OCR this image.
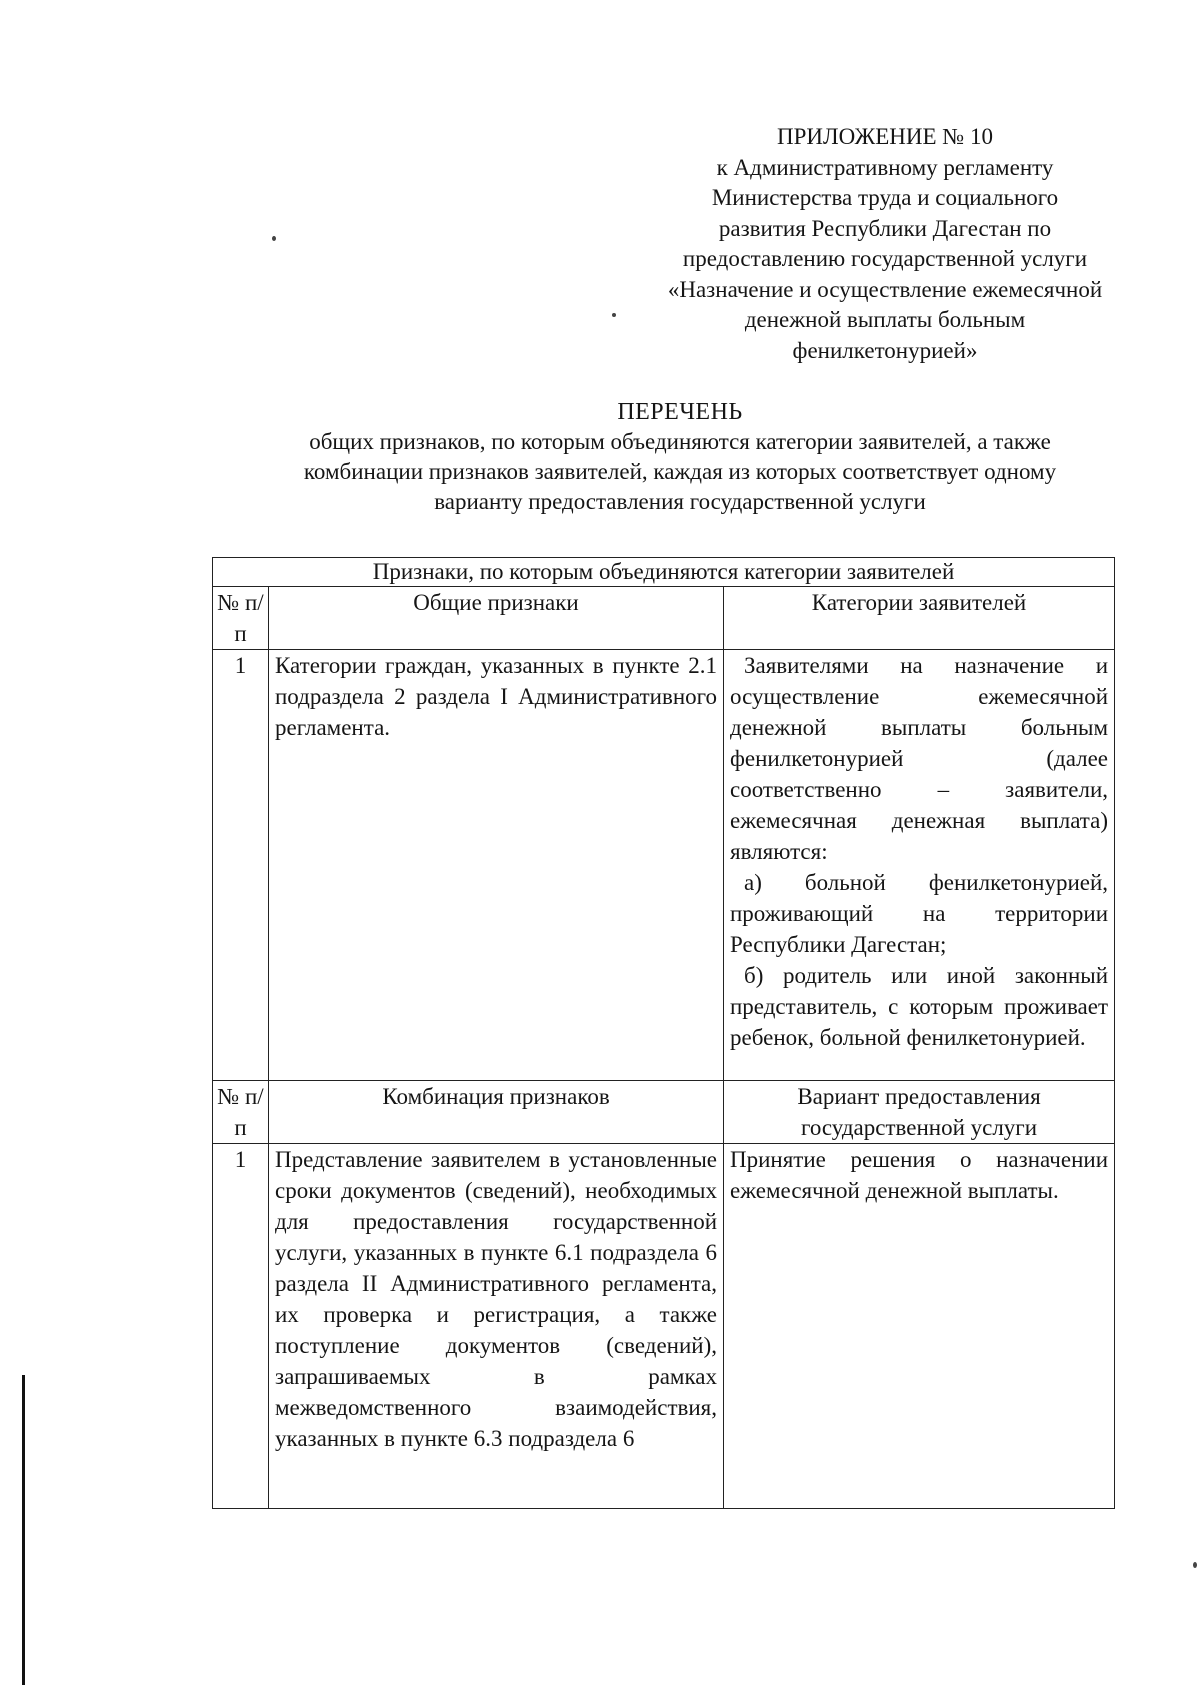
ПРИЛОЖЕНИЕ № 10
к Административному регламенту
Министерства труда и социального
развития Республики Дагестан по
предоставлению государственной услуги
«Назначение и осуществление ежемесячной
денежной выплаты больным
фенилкетонурией»
ПЕРЕЧЕНЬ
общих признаков, по которым объединяются категории заявителей, а также
комбинации признаков заявителей, каждая из которых соответствует одному
варианту предоставления государственной услуги
Признаки, по которым объединяются категории заявителей		
№ п/п	Общие признаки	Категории заявителей
1	Категории граждан, указанных в пункте 2.1 подраздела 2 раздела I Административного регламента.	Заявителями на назначение и осуществление ежемесячной денежной выплаты больным фенилкетонурией (далее соответственно – заявители, ежемесячная денежная выплата) являются:
а) больной фенилкетонурией, проживающий на территории Республики Дагестан;
б) родитель или иной законный представитель, с которым проживает ребенок, больной фенилкетонурией.

№ п/п	Комбинация признаков	Вариант предоставления государственной услуги
1	Представление заявителем в установленные сроки документов (сведений), необходимых для предоставления государственной услуги, указанных в пункте 6.1 подраздела 6 раздела II Административного регламента, их проверка и регистрация, а также поступление документов (сведений), запрашиваемых в рамках межведомственного взаимодействия, указанных в пункте 6.3 подраздела 6	Принятие решения о назначении ежемесячной денежной выплаты.
